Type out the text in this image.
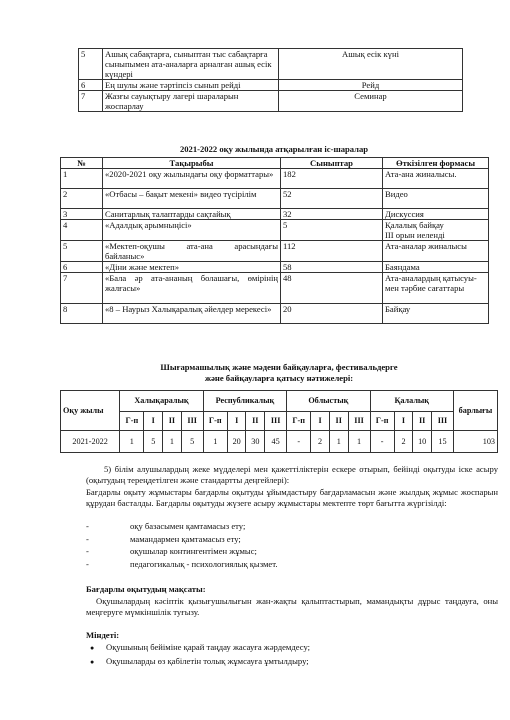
5	Ашық сабақтарға, сыныптан тыс сабақтарға сыныпымен ата-аналарға арналған ашық есік күндері	Ашық есік күні
6	Ең шулы және тәртіпсіз сынып рейді	Рейд
7	Жазғы сауықтыру лагері шараларын жоспарлау	Семинар
2021-2022 оқу жылында атқарылған іс-шаралар
№	Тақырыбы	Сыныптар	Өткізілген формасы
1	«2020-2021 оқу жылындағы оқу форматтары»	182	Ата-ана жиналысы.
2	«Отбасы – бақыт мекені» видео түсірілім	52	Видео
3	Санитарлық талаптарды сақтайық	32	Дискуссия
4	«Адалдық арымныңісі»	5	Қалалық байқау
ІІІ орын иеленді
5	«Мектеп-оқушы ата-ана арасындағы байланыс»	112	Ата-аналар жиналысы
6	«Діни және мектеп»	58	Баяндама
7	«Бала әр ата-ананың болашағы, өмірінің жалғасы»	48	Ата-аналардың қатысуы-мен тәрбие сағаттары
8	«8 – Наурыз Халықаралық әйелдер мерекесі»	20	Байқау
Шығармашылық және мәдени байқауларға, фестивальдерге
және байқауларға қатысу нәтижелері:
Оқу жылы	Халықаралық				Республикалық				Облыстық				Қалалық				барлығы
	Г-п	І	ІІ	ІІІ	Г-п	І	ІІ	ІІІ	Г-п	І	ІІ	ІІІ	Г-п	І	ІІ	ІІІ	
2021-2022	1	5	1	5	1	20	30	45	-	2	1	1	-	2	10	15	103
5) білім алушылардың жеке мүдделері мен қажеттіліктерін ескере отырып, бейінді оқытуды іске асыру (оқытудың тереңдетілген және стандартты деңгейлері):
Бағдарлы оқыту жұмыстары бағдарлы оқытуды ұйымдастыру бағдарламасын және жылдық жұмыс жоспарын құрудан басталды. Бағдарлы оқытуды жүзеге асыру жұмыстары мектепте төрт бағытта жүргізілді:
-	оқу базасымен қамтамасыз ету;
-	мамандармен қамтамасыз ету;
-	оқушылар контингентімен жұмыс;
-	педагогикалық - психологиялық қызмет.
Бағдарлы оқытудың мақсаты:
Оқушылардың кәсіптік қызығушылығын жан-жақты қалыптастырып, мамандықты дұрыс таңдауға, оны меңгеруге мүмкіншілік туғызу.
Міндеті:
● Оқушының бейіміне қарай таңдау жасауға жәрдемдесу;
● Оқушыларды өз қабілетін толық жұмсауға ұмтылдыру;
